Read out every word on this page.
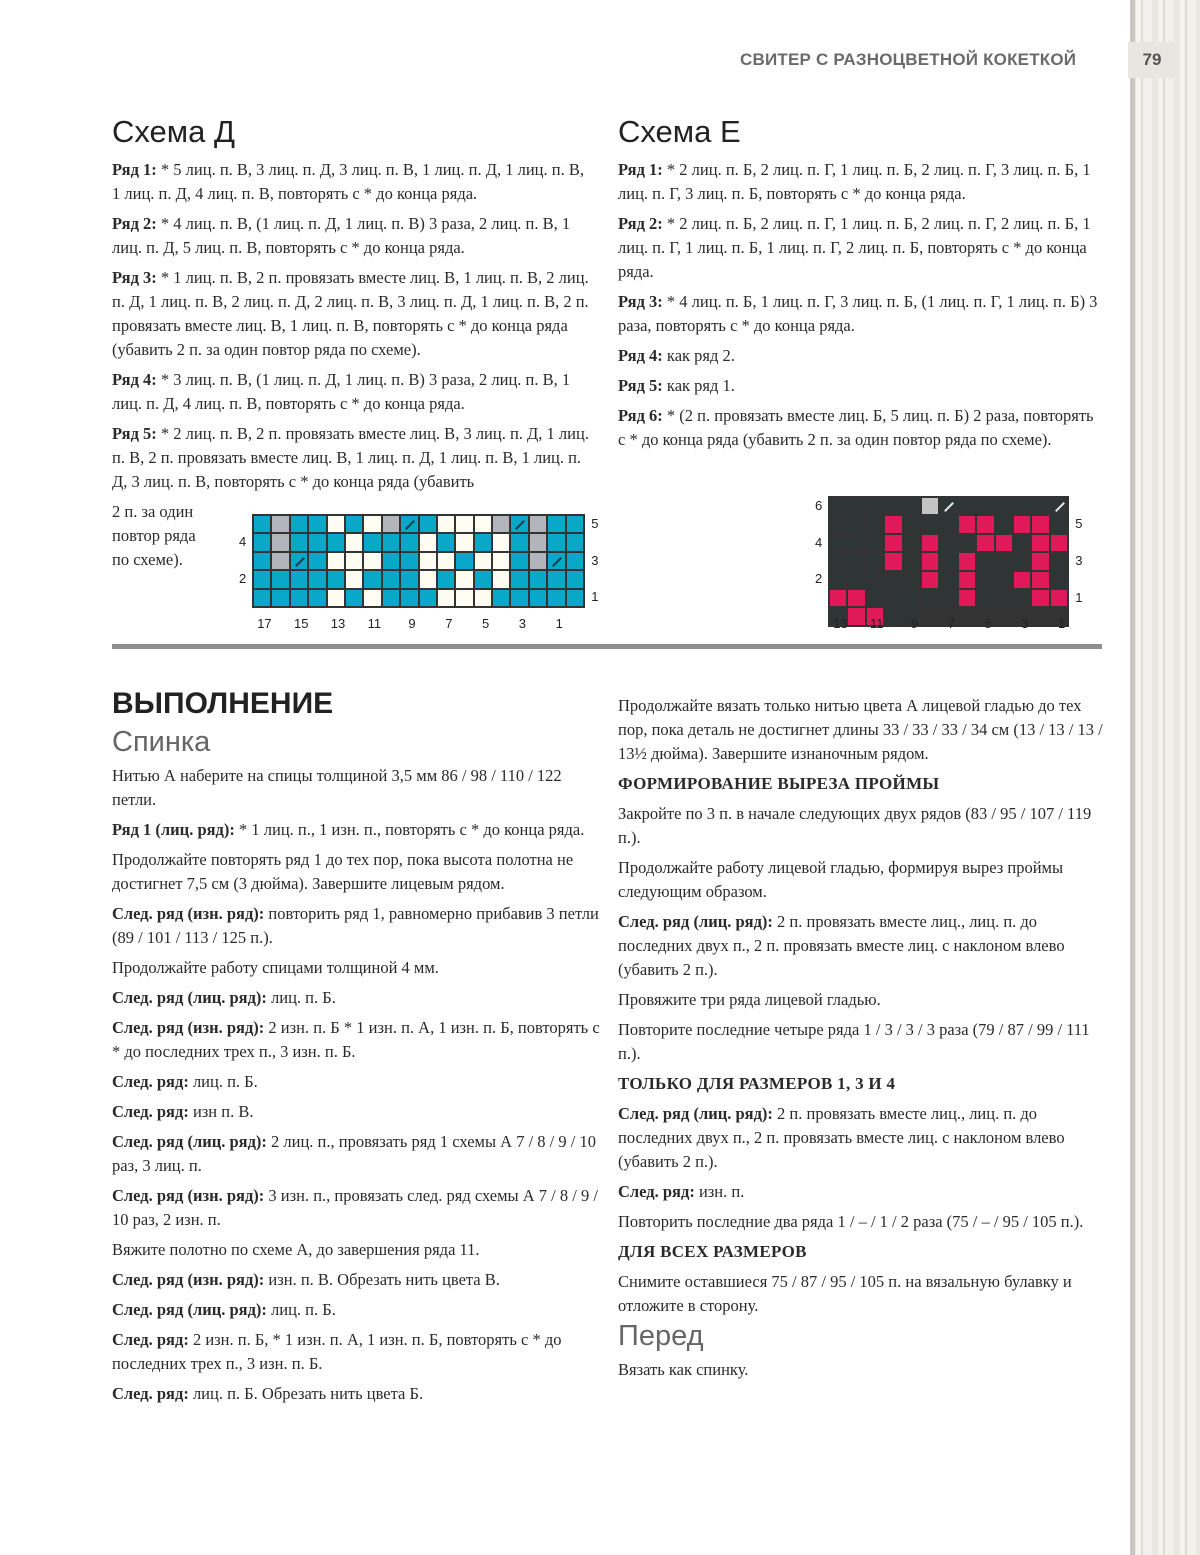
СВИТЕР С РАЗНОЦВЕТНОЙ КОКЕТКОЙ	79
Схема Д

Ряд 1: * 5 лиц. п. В, 3 лиц. п. Д, 3 лиц. п. В, 1 лиц. п. Д, 1 лиц. п. В, 1 лиц. п. Д, 4 лиц. п. В, повторять с * до конца ряда.

Ряд 2: * 4 лиц. п. В, (1 лиц. п. Д, 1 лиц. п. В) 3 раза, 2 лиц. п. В, 1 лиц. п. Д, 5 лиц. п. В, повторять с * до конца ряда.

Ряд 3: * 1 лиц. п. В, 2 п. провязать вместе лиц. В, 1 лиц. п. В, 2 лиц. п. Д, 1 лиц. п. В, 2 лиц. п. Д, 2 лиц. п. В, 3 лиц. п. Д, 1 лиц. п. В, 2 п. провязать вместе лиц. В, 1 лиц. п. В, повторять с * до конца ряда (убавить 2 п. за один повтор ряда по схеме).

Ряд 4: * 3 лиц. п. В, (1 лиц. п. Д, 1 лиц. п. В) 3 раза, 2 лиц. п. В, 1 лиц. п. Д, 4 лиц. п. В, повторять с * до конца ряда.

Ряд 5: * 2 лиц. п. В, 2 п. провязать вместе лиц. В, 3 лиц. п. Д, 1 лиц. п. В, 2 п. провязать вместе лиц. В, 1 лиц. п. Д, 1 лиц. п. В, 1 лиц. п. Д, 3 лиц. п. В, повторять с * до конца ряда (убавить

2 п. за один повтор ряда по схеме).
4
2
5
3
1
17 15 13 11 9 7 5 3 1
Схема Е

Ряд 1: * 2 лиц. п. Б, 2 лиц. п. Г, 1 лиц. п. Б, 2 лиц. п. Г, 3 лиц. п. Б, 1 лиц. п. Г, 3 лиц. п. Б, повторять с * до конца ряда.

Ряд 2: * 2 лиц. п. Б, 2 лиц. п. Г, 1 лиц. п. Б, 2 лиц. п. Г, 2 лиц. п. Б, 1 лиц. п. Г, 1 лиц. п. Б, 1 лиц. п. Г, 2 лиц. п. Б, повторять с * до конца ряда.

Ряд 3: * 4 лиц. п. Б, 1 лиц. п. Г, 3 лиц. п. Б, (1 лиц. п. Г, 1 лиц. п. Б) 3 раза, повторять с * до конца ряда.

Ряд 4: как ряд 2.

Ряд 5: как ряд 1.

Ряд 6: * (2 п. провязать вместе лиц. Б, 5 лиц. п. Б) 2 раза, повторять с * до конца ряда (убавить 2 п. за один повтор ряда по схеме).

6
4
2
5
3
1
13 11 9 7 5 3 1
ВЫПОЛНЕНИЕ
Спинка

Нитью А наберите на спицы толщиной 3,5 мм 86 / 98 / 110 / 122 петли.

Ряд 1 (лиц. ряд): * 1 лиц. п., 1 изн. п., повторять с * до конца ряда.

Продолжайте повторять ряд 1 до тех пор, пока высота полотна не достигнет 7,5 см (3 дюйма). Завершите лицевым рядом.

След. ряд (изн. ряд): повторить ряд 1, равномерно прибавив 3 петли (89 / 101 / 113 / 125 п.).

Продолжайте работу спицами толщиной 4 мм.

След. ряд (лиц. ряд): лиц. п. Б.

След. ряд (изн. ряд): 2 изн. п. Б * 1 изн. п. А, 1 изн. п. Б, повторять с * до последних трех п., 3 изн. п. Б.

След. ряд: лиц. п. Б.

След. ряд: изн п. В.

След. ряд (лиц. ряд): 2 лиц. п., провязать ряд 1 схемы А 7 / 8 / 9 / 10 раз, 3 лиц. п.

След. ряд (изн. ряд): 3 изн. п., провязать след. ряд схемы А 7 / 8 / 9 / 10 раз, 2 изн. п.

Вяжите полотно по схеме А, до завершения ряда 11.

След. ряд (изн. ряд): изн. п. В. Обрезать нить цвета В.

След. ряд (лиц. ряд): лиц. п. Б.

След. ряд: 2 изн. п. Б, * 1 изн. п. А, 1 изн. п. Б, повторять с * до последних трех п., 3 изн. п. Б.

След. ряд: лиц. п. Б. Обрезать нить цвета Б.

Продолжайте вязать только нитью цвета А лицевой гладью до тех пор, пока деталь не достигнет длины 33 / 33 / 33 / 34 см (13 / 13 / 13 / 13½ дюйма). Завершите изнаночным рядом.

ФОРМИРОВАНИЕ ВЫРЕЗА ПРОЙМЫ

Закройте по 3 п. в начале следующих двух рядов (83 / 95 / 107 / 119 п.).

Продолжайте работу лицевой гладью, формируя вырез проймы следующим образом.

След. ряд (лиц. ряд): 2 п. провязать вместе лиц., лиц. п. до последних двух п., 2 п. провязать вместе лиц. с наклоном влево (убавить 2 п.).

Провяжите три ряда лицевой гладью.

Повторите последние четыре ряда 1 / 3 / 3 / 3 раза (79 / 87 / 99 / 111 п.).

ТОЛЬКО ДЛЯ РАЗМЕРОВ 1, 3 И 4

След. ряд (лиц. ряд): 2 п. провязать вместе лиц., лиц. п. до последних двух п., 2 п. провязать вместе лиц. с наклоном влево (убавить 2 п.).

След. ряд: изн. п.

Повторить последние два ряда 1 / – / 1 / 2 раза (75 / – / 95 / 105 п.).

ДЛЯ ВСЕХ РАЗМЕРОВ

Снимите оставшиеся 75 / 87 / 95 / 105 п. на вязальную булавку и отложите в сторону.

Перед

Вязать как спинку.
